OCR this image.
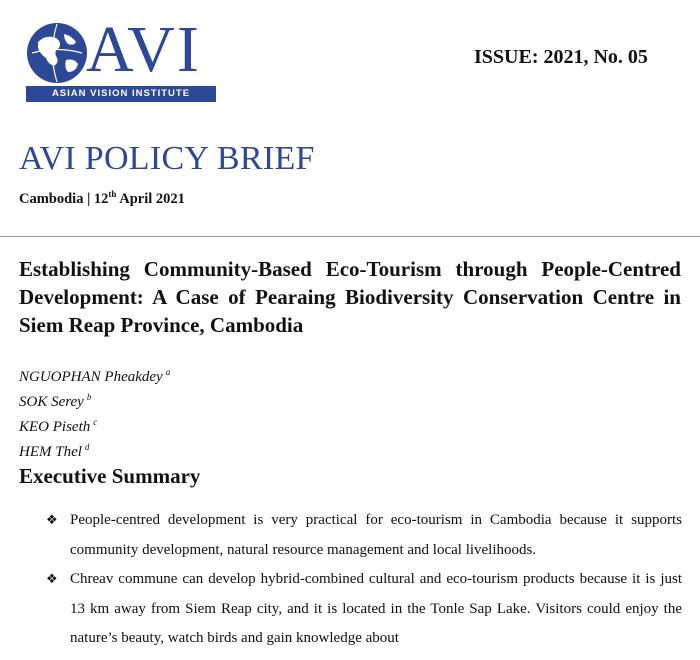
AVI
ASIAN VISION INSTITUTE
ISSUE: 2021, No. 05
AVI POLICY BRIEF
Cambodia | 12th April 2021
Establishing Community-Based Eco-Tourism through People-Centred Development: A Case of Pearaing Biodiversity Conservation Centre in Siem Reap Province, Cambodia
NGUOPHAN Pheakdey $^a$
SOK Serey $^b$
KEO Piseth $^c$
HEM Thel $^d$
Executive Summary
❖ People-centred development is very practical for eco-tourism in Cambodia because it supports community development, natural resource management and local livelihoods.
❖ Chreav commune can develop hybrid-combined cultural and eco-tourism products because it is just 13 km away from Siem Reap city, and it is located in the Tonle Sap Lake. Visitors could enjoy the nature’s beauty, watch birds and gain knowledge about
